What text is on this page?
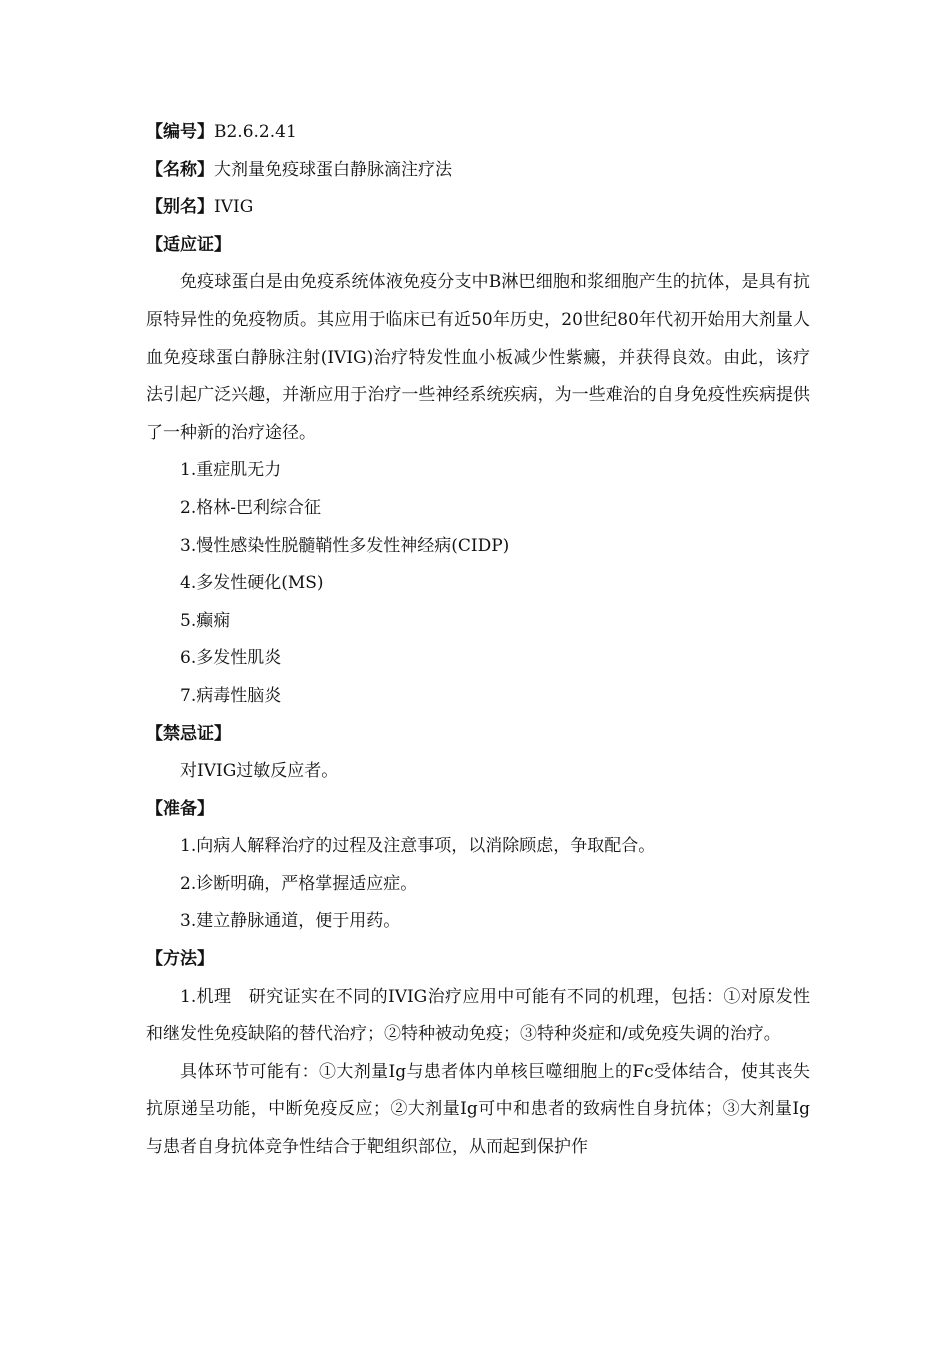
【编号】B2.6.2.41
【名称】大剂量免疫球蛋白静脉滴注疗法
【别名】IVIG
【适应证】
免疫球蛋白是由免疫系统体液免疫分支中B淋巴细胞和浆细胞产生的抗体，是具有抗原特异性的免疫物质。其应用于临床已有近50年历史，20世纪80年代初开始用大剂量人血免疫球蛋白静脉注射(IVIG)治疗特发性血小板减少性紫癜，并获得良效。由此，该疗法引起广泛兴趣，并渐应用于治疗一些神经系统疾病，为一些难治的自身免疫性疾病提供了一种新的治疗途径。
1.重症肌无力
2.格林-巴利综合征
3.慢性感染性脱髓鞘性多发性神经病(CIDP)
4.多发性硬化(MS)
5.癫痫
6.多发性肌炎
7.病毒性脑炎
【禁忌证】
对IVIG过敏反应者。
【准备】
1.向病人解释治疗的过程及注意事项，以消除顾虑，争取配合。
2.诊断明确，严格掌握适应症。
3.建立静脉通道，便于用药。
【方法】
1.机理　研究证实在不同的IVIG治疗应用中可能有不同的机理，包括：①对原发性和继发性免疫缺陷的替代治疗；②特种被动免疫；③特种炎症和/或免疫失调的治疗。
具体环节可能有：①大剂量Ig与患者体内单核巨噬细胞上的Fc受体结合，使其丧失抗原递呈功能，中断免疫反应；②大剂量Ig可中和患者的致病性自身抗体；③大剂量Ig与患者自身抗体竞争性结合于靶组织部位，从而起到保护作
